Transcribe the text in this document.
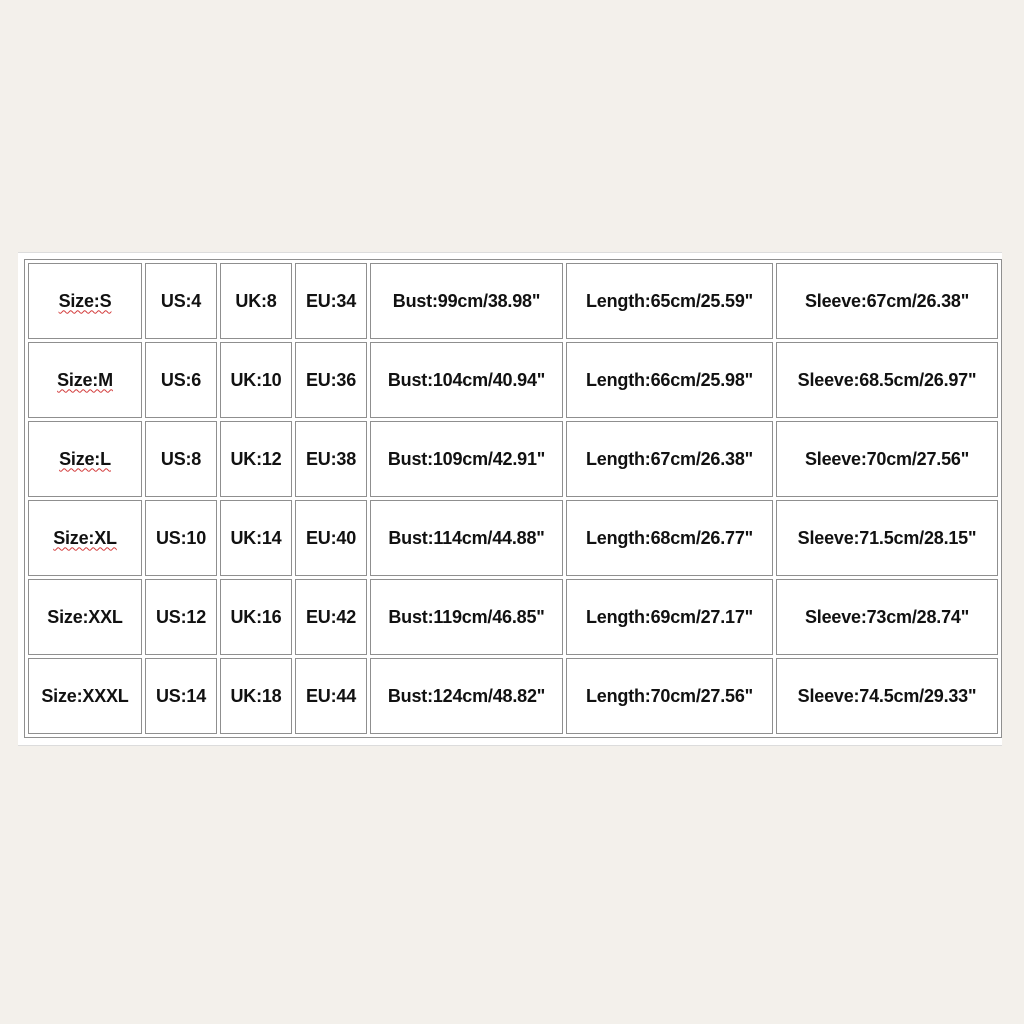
Size:S	US:4	UK:8	EU:34	Bust:99cm/38.98"	Length:65cm/25.59"	Sleeve:67cm/26.38"
Size:M	US:6	UK:10	EU:36	Bust:104cm/40.94"	Length:66cm/25.98"	Sleeve:68.5cm/26.97"
Size:L	US:8	UK:12	EU:38	Bust:109cm/42.91"	Length:67cm/26.38"	Sleeve:70cm/27.56"
Size:XL	US:10	UK:14	EU:40	Bust:114cm/44.88"	Length:68cm/26.77"	Sleeve:71.5cm/28.15"
Size:XXL	US:12	UK:16	EU:42	Bust:119cm/46.85"	Length:69cm/27.17"	Sleeve:73cm/28.74"
Size:XXXL	US:14	UK:18	EU:44	Bust:124cm/48.82"	Length:70cm/27.56"	Sleeve:74.5cm/29.33"
